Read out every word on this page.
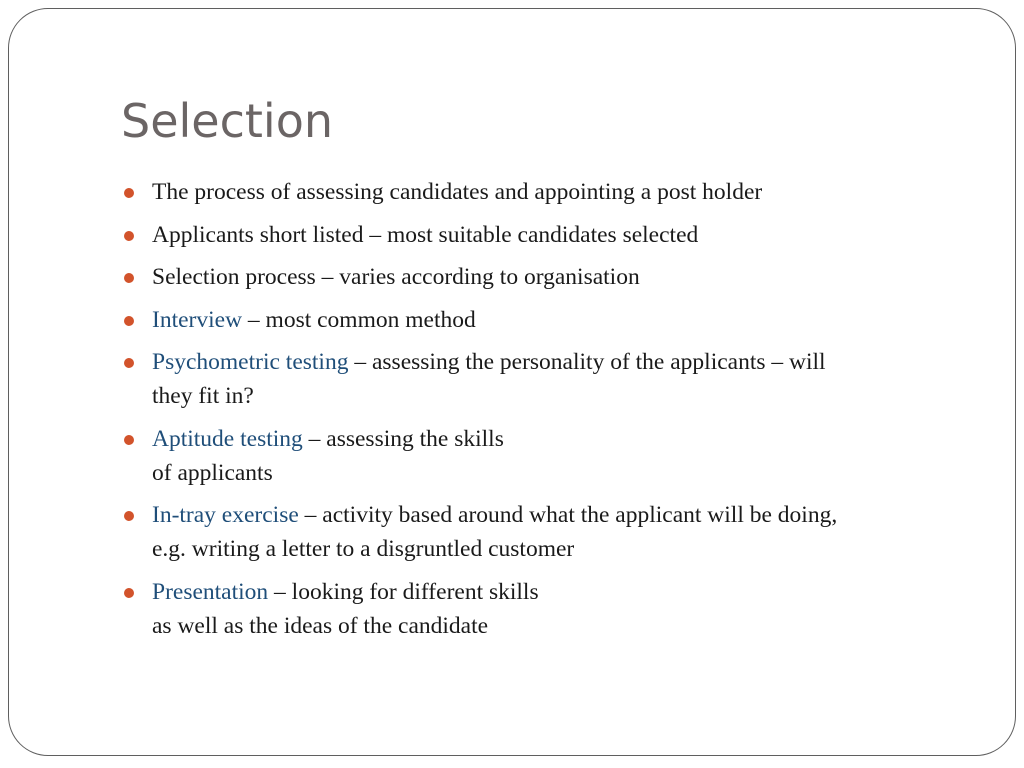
Selection
The process of assessing candidates and appointing a post holder
Applicants short listed – most suitable candidates selected
Selection process – varies according to organisation
Interview – most common method
Psychometric testing – assessing the personality of the applicants – will
they fit in?
Aptitude testing – assessing the skills
of applicants
In-tray exercise – activity based around what the applicant will be doing,
e.g. writing a letter to a disgruntled customer
Presentation – looking for different skills
as well as the ideas of the candidate
